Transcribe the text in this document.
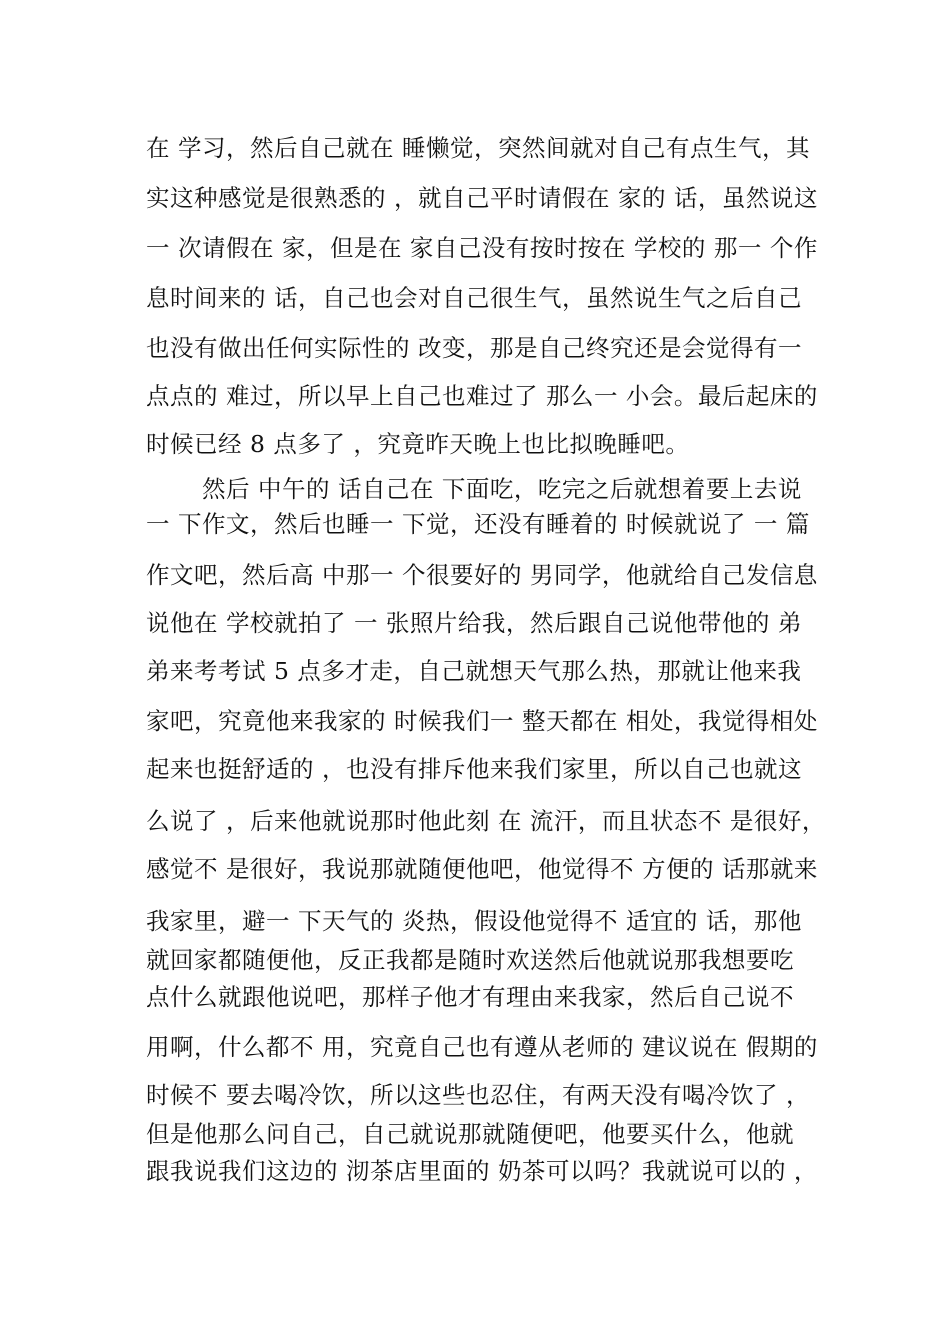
在 学习，然后自己就在 睡懒觉，突然间就对自己有点生气，其
实这种感觉是很熟悉的 ，就自己平时请假在 家的 话，虽然说这
一 次请假在 家，但是在 家自己没有按时按在 学校的 那一 个作
息时间来的 话，自己也会对自己很生气，虽然说生气之后自己
也没有做出任何实际性的 改变，那是自己终究还是会觉得有一
点点的 难过，所以早上自己也难过了 那么一 小会。最后起床的
时候已经 8 点多了 ，究竟昨天晚上也比拟晚睡吧。
然后 中午的 话自己在 下面吃，吃完之后就想着要上去说
一 下作文，然后也睡一 下觉，还没有睡着的 时候就说了 一 篇
作文吧，然后高 中那一 个很要好的 男同学，他就给自己发信息
说他在 学校就拍了 一 张照片给我，然后跟自己说他带他的 弟
弟来考考试 5 点多才走，自己就想天气那么热，那就让他来我
家吧，究竟他来我家的 时候我们一 整天都在 相处，我觉得相处
起来也挺舒适的 ，也没有排斥他来我们家里，所以自己也就这
么说了 ，后来他就说那时他此刻 在 流汗，而且状态不 是很好，
感觉不 是很好，我说那就随便他吧，他觉得不 方便的 话那就来
我家里，避一 下天气的 炎热，假设他觉得不 适宜的 话，那他
就回家都随便他，反正我都是随时欢送然后他就说那我想要吃
点什么就跟他说吧，那样子他才有理由来我家，然后自己说不
用啊，什么都不 用，究竟自己也有遵从老师的 建议说在 假期的
时候不 要去喝冷饮，所以这些也忍住，有两天没有喝冷饮了 ，
但是他那么问自己，自己就说那就随便吧，他要买什么，他就
跟我说我们这边的 沏茶店里面的 奶茶可以吗？我就说可以的 ，
